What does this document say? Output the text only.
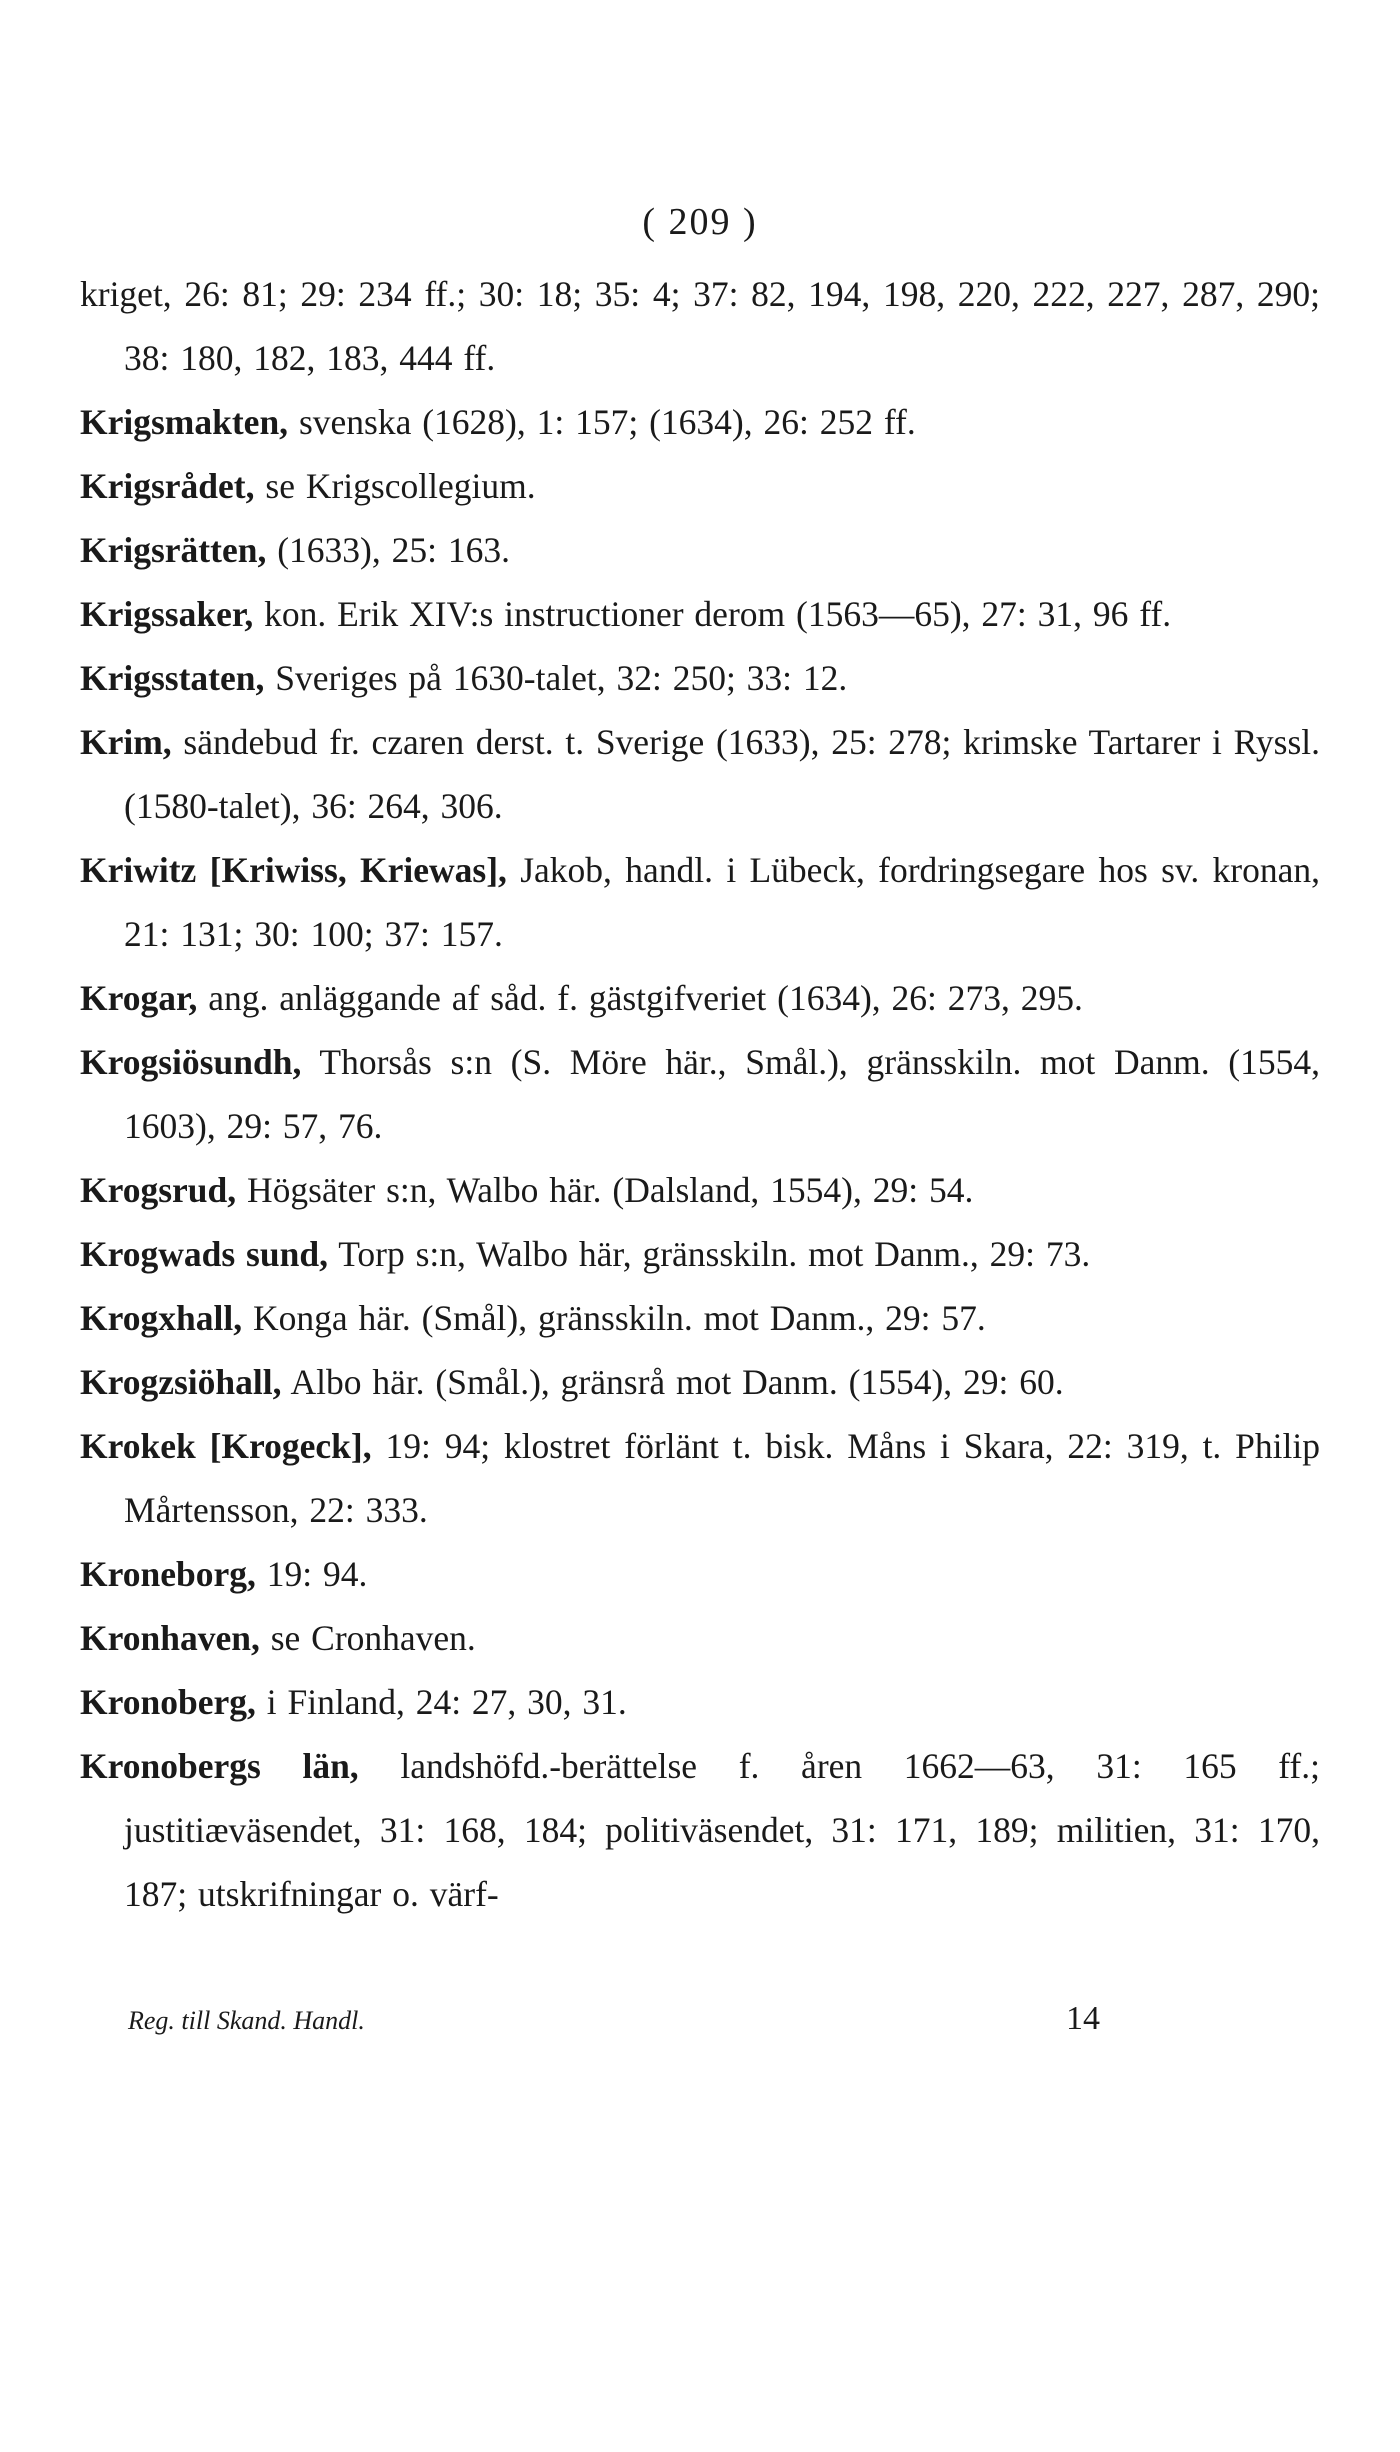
( 209 )
kriget, 26: 81; 29: 234 ff.; 30: 18; 35: 4; 37: 82, 194, 198, 220, 222, 227, 287, 290; 38: 180, 182, 183, 444 ff.
Krigsmakten, svenska (1628), 1: 157; (1634), 26: 252 ff.
Krigsrådet, se Krigscollegium.
Krigsrätten, (1633), 25: 163.
Krigssaker, kon. Erik XIV:s instructioner derom (1563—65), 27: 31, 96 ff.
Krigsstaten, Sveriges på 1630-talet, 32: 250; 33: 12.
Krim, sändebud fr. czaren derst. t. Sverige (1633), 25: 278; krimske Tartarer i Ryssl. (1580-talet), 36: 264, 306.
Kriwitz [Kriwiss, Kriewas], Jakob, handl. i Lübeck, fordringsegare hos sv. kronan, 21: 131; 30: 100; 37: 157.
Krogar, ang. anläggande af såd. f. gästgifveriet (1634), 26: 273, 295.
Krogsiösundh, Thorsås s:n (S. Möre här., Smål.), gränsskiln. mot Danm. (1554, 1603), 29: 57, 76.
Krogsrud, Högsäter s:n, Walbo här. (Dalsland, 1554), 29: 54.
Krogwads sund, Torp s:n, Walbo här, gränsskiln. mot Danm., 29: 73.
Krogxhall, Konga här. (Smål), gränsskiln. mot Danm., 29: 57.
Krogzsiöhall, Albo här. (Smål.), gränsrå mot Danm. (1554), 29: 60.
Krokek [Krogeck], 19: 94; klostret förlänt t. bisk. Måns i Skara, 22: 319, t. Philip Mårtensson, 22: 333.
Kroneborg, 19: 94.
Kronhaven, se Cronhaven.
Kronoberg, i Finland, 24: 27, 30, 31.
Kronobergs län, landshöfd.-berättelse f. åren 1662—63, 31: 165 ff.; justitiæväsendet, 31: 168, 184; politiväsendet, 31: 171, 189; militien, 31: 170, 187; utskrifningar o. värf-
Reg. till Skand. Handl.	14
